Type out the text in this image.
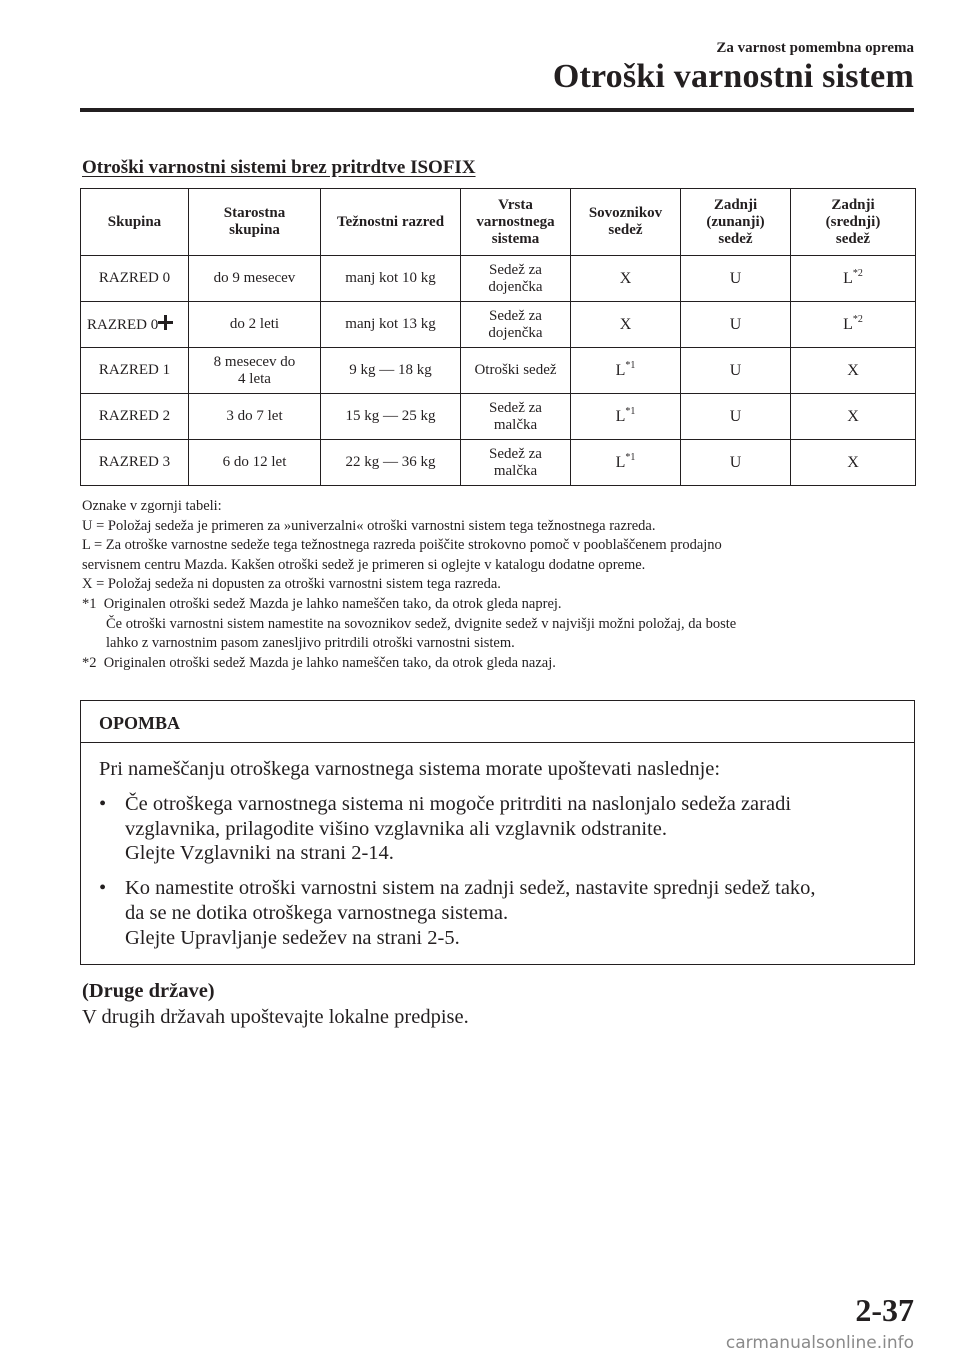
Za varnost pomembna oprema
Otroški varnostni sistem
Otroški varnostni sistemi brez pritrdtve ISOFIX
Skupina	Starostna skupina	Težnostni razred	Vrsta varnostnega sistema	Sovoznikov sedež	Zadnji (zunanji) sedež	Zadnji (srednji) sedež

RAZRED 0	do 9 mesecev	manj kot 10 kg	Sedež za dojenčka	X	U	$L^{*2}$
RAZRED 0	do 2 leti	manj kot 13 kg	Sedež za dojenčka	X	U	$L^{*2}$
RAZRED 1	8 mesecev do 4 leta	9 kg — 18 kg	Otroški sedež	$L^{*1}$	U	X
RAZRED 2	3 do 7 let	15 kg — 25 kg	Sedež za malčka	$L^{*1}$	U	X
RAZRED 3	6 do 12 let	22 kg — 36 kg	Sedež za malčka	$L^{*1}$	U	X
Oznake v zgornji tabeli:
U = Položaj sedeža je primeren za »univerzalni« otroški varnostni sistem tega težnostnega razreda.
L = Za otroške varnostne sedeže tega težnostnega razreda poiščite strokovno pomoč v pooblaščenem prodajno
servisnem centru Mazda. Kakšen otroški sedež je primeren si oglejte v katalogu dodatne opreme.
X = Položaj sedeža ni dopusten za otroški varnostni sistem tega razreda.
*1  Originalen otroški sedež Mazda je lahko nameščen tako, da otrok gleda naprej.
Če otroški varnostni sistem namestite na sovoznikov sedež, dvignite sedež v najvišji možni položaj, da boste
lahko z varnostnim pasom zanesljivo pritrdili otroški varnostni sistem.
*2  Originalen otroški sedež Mazda je lahko nameščen tako, da otrok gleda nazaj.
OPOMBA
Pri nameščanju otroškega varnostnega sistema morate upoštevati naslednje:
• Če otroškega varnostnega sistema ni mogoče pritrditi na naslonjalo sedeža zaradi
vzglavnika, prilagodite višino vzglavnika ali vzglavnik odstranite.
Glejte Vzglavniki na strani 2-14.
• Ko namestite otroški varnostni sistem na zadnji sedež, nastavite sprednji sedež tako,
da se ne dotika otroškega varnostnega sistema.
Glejte Upravljanje sedežev na strani 2-5.
(Druge države)
V drugih državah upoštevajte lokalne predpise.
2-37
carmanualsonline.info
